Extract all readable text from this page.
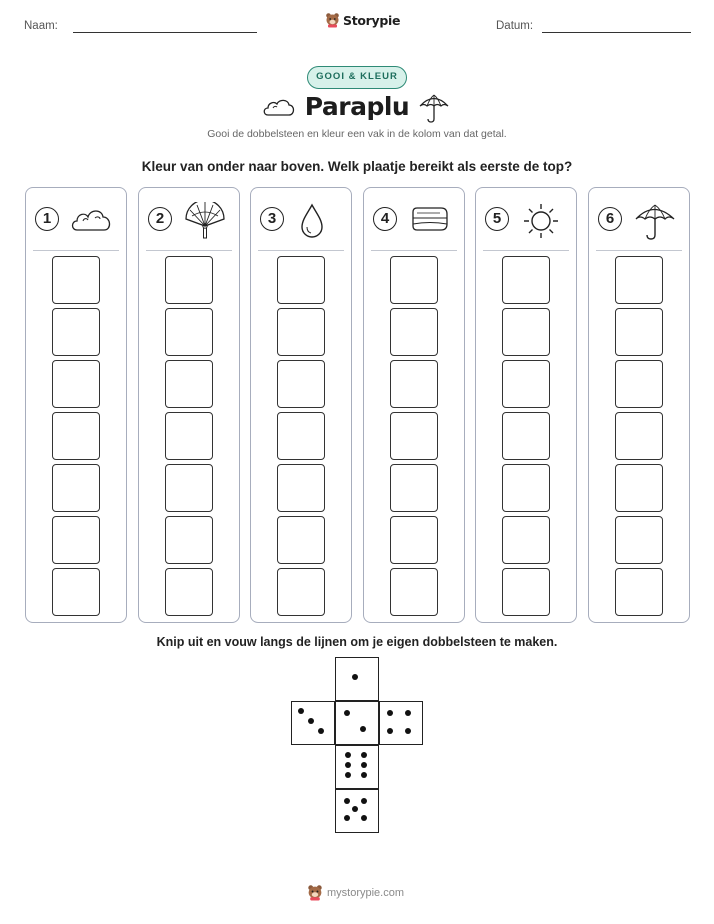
Naam:	Storypie	Datum:
GOOI & KLEUR
Paraplu
Gooi de dobbelsteen en kleur een vak in de kolom van dat getal.
Kleur van onder naar boven. Welk plaatje bereikt als eerste de top?
1	2	3	4	5	6
Knip uit en vouw langs de lijnen om je eigen dobbelsteen te maken.
mystorypie.com
